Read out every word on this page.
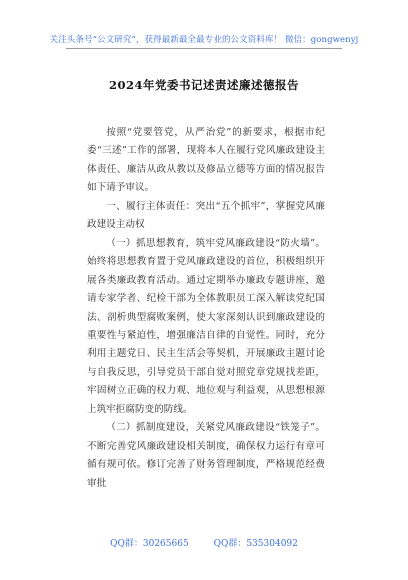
关注头条号“公文研究”，获得最新最全最专业的公文资料库！ 微信：gongwenyj
2024年党委书记述责述廉述德报告

按照“党要管党，从严治党”的新要求，根据市纪委“三述”工作的部署，现将本人在履行党风廉政建设主体责任、廉洁从政从教以及修品立德等方面的情况报告如下请予审议。

一、履行主体责任：突出“五个抓牢”，掌握党风廉政建设主动权

（一）抓思想教育，筑牢党风廉政建设“防火墙”。始终将思想教育置于党风廉政建设的首位，积极组织开展各类廉政教育活动。通过定期举办廉政专题讲座，邀请专家学者、纪检干部为全体教职员工深入解读党纪国法、剖析典型腐败案例，使大家深刻认识到廉政建设的重要性与紧迫性，增强廉洁自律的自觉性。同时，充分利用主题党日、民主生活会等契机，开展廉政主题讨论与自我反思，引导党员干部自觉对照党章党规找差距，牢固树立正确的权力观、地位观与利益观，从思想根源上筑牢拒腐防变的防线。

（二）抓制度建设，关紧党风廉政建设“铁笼子”。不断完善党风廉政建设相关制度，确保权力运行有章可循有规可依。修订完善了财务管理制度，严格规范经费审批

QQ群：30265665	QQ群：535304092
